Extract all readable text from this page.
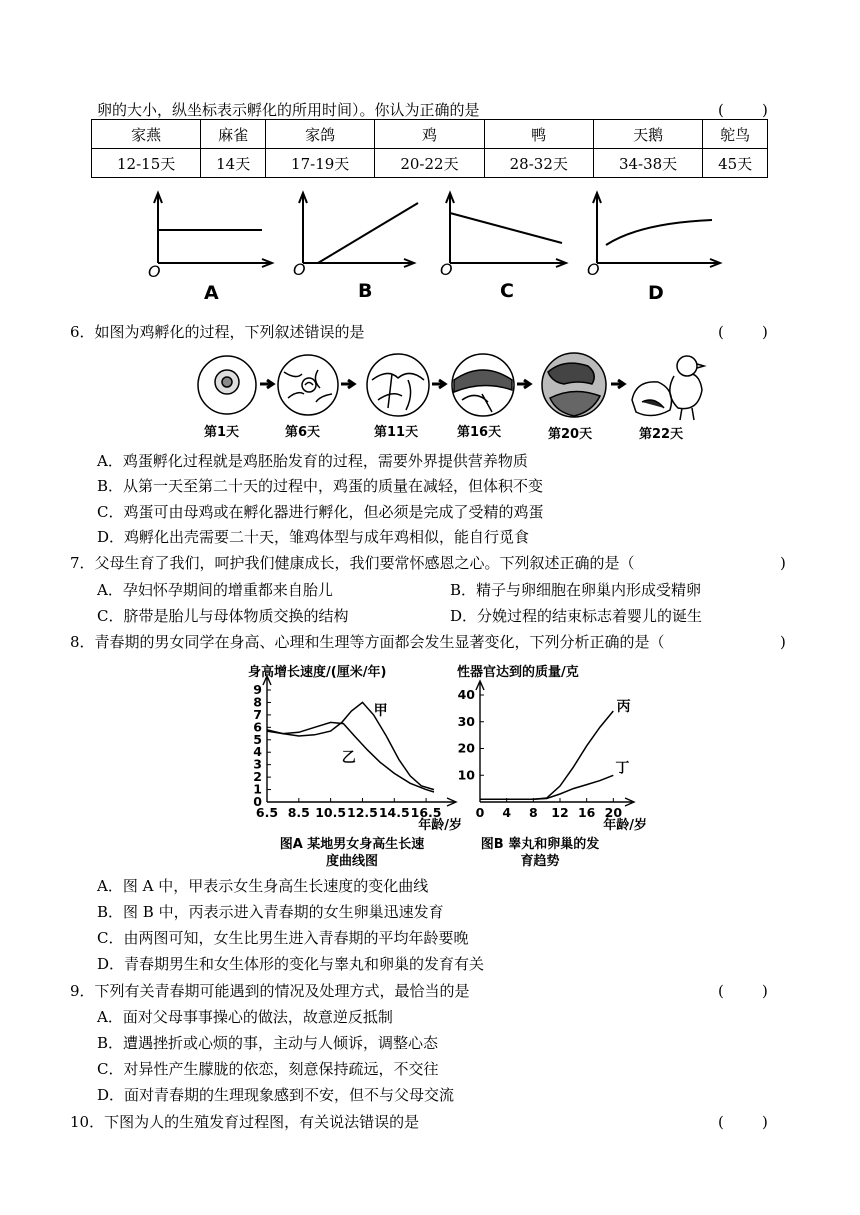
卵的大小，纵坐标表示孵化的所用时间）。你认为正确的是	(        )
家燕	麻雀	家鸽	鸡	鸭	天鹅	鸵鸟
12-15天	14天	17-19天	20-22天	28-32天	34-38天	45天
O	O	O	O
A	B	C	D
6．如图为鸡孵化的过程，下列叙述错误的是	(        )
第1天	第6天	第11天	第16天	第20天	第22天
A．鸡蛋孵化过程就是鸡胚胎发育的过程，需要外界提供营养物质
B．从第一天至第二十天的过程中，鸡蛋的质量在减轻，但体积不变
C．鸡蛋可由母鸡或在孵化器进行孵化，但必须是完成了受精的鸡蛋
D．鸡孵化出壳需要二十天，雏鸡体型与成年鸡相似，能自行觅食
7．父母生育了我们，呵护我们健康成长，我们要常怀感恩之心。下列叙述正确的是（	)
A．孕妇怀孕期间的增重都来自胎儿	B．精子与卵细胞在卵巢内形成受精卵
C．脐带是胎儿与母体物质交换的结构	D．分娩过程的结束标志着婴儿的诞生
8．青春期的男女同学在身高、心理和生理等方面都会发生显著变化，下列分析正确的是（	)
身高增长速度/(厘米/年)
0
1
2
3
4
5
6
7
8
9
6.5 8.5 10.5 12.5 14.5 16.5
年龄/岁
甲
乙
图A 某地男女身高生长速
度曲线图
性器官达到的质量/克
10
20
30
40
0 4 8 12 16 20
年龄/岁
丙
丁
图B 睾丸和卵巢的发
育趋势
A．图 A 中，甲表示女生身高生长速度的变化曲线
B．图 B 中，丙表示进入青春期的女生卵巢迅速发育
C．由两图可知，女生比男生进入青春期的平均年龄要晚
D．青春期男生和女生体形的变化与睾丸和卵巢的发育有关
9．下列有关青春期可能遇到的情况及处理方式，最恰当的是	(        )
A．面对父母事事操心的做法，故意逆反抵制
B．遭遇挫折或心烦的事，主动与人倾诉，调整心态
C．对异性产生朦胧的依恋，刻意保持疏远，不交往
D．面对青春期的生理现象感到不安，但不与父母交流
10．下图为人的生殖发育过程图，有关说法错误的是	(        )
